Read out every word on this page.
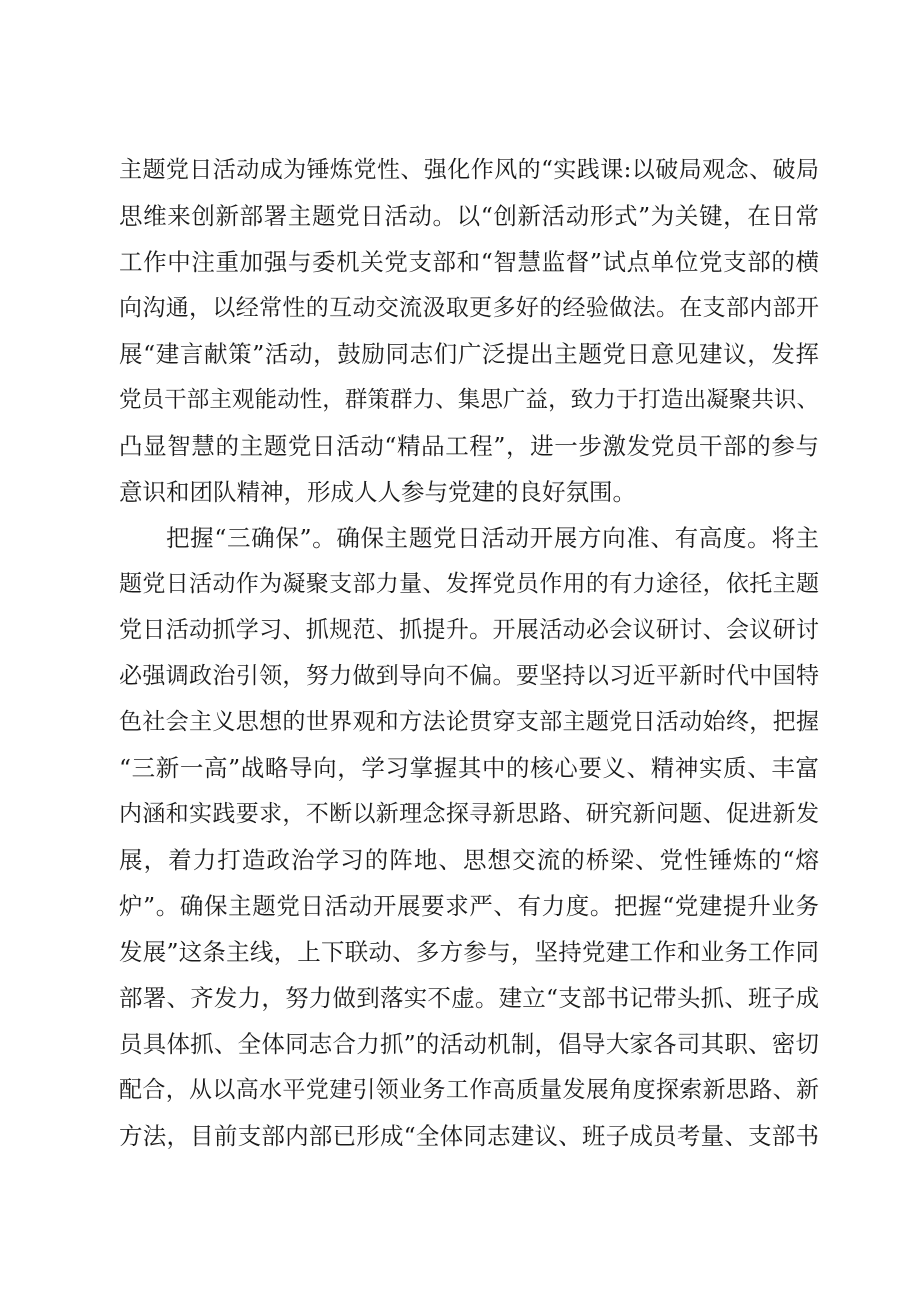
主题党日活动成为锤炼党性、强化作风的“实践课:以破局观念、破局
思维来创新部署主题党日活动。以“创新活动形式”为关键，在日常
工作中注重加强与委机关党支部和“智慧监督”试点单位党支部的横
向沟通，以经常性的互动交流汲取更多好的经验做法。在支部内部开
展“建言献策”活动，鼓励同志们广泛提出主题党日意见建议，发挥
党员干部主观能动性，群策群力、集思广益，致力于打造出凝聚共识、
凸显智慧的主题党日活动“精品工程”，进一步激发党员干部的参与
意识和团队精神，形成人人参与党建的良好氛围。
把握“三确保”。确保主题党日活动开展方向准、有高度。将主
题党日活动作为凝聚支部力量、发挥党员作用的有力途径，依托主题
党日活动抓学习、抓规范、抓提升。开展活动必会议研讨、会议研讨
必强调政治引领，努力做到导向不偏。要坚持以习近平新时代中国特
色社会主义思想的世界观和方法论贯穿支部主题党日活动始终，把握
“三新一高”战略导向，学习掌握其中的核心要义、精神实质、丰富
内涵和实践要求，不断以新理念探寻新思路、研究新问题、促进新发
展，着力打造政治学习的阵地、思想交流的桥梁、党性锤炼的“熔
炉”。确保主题党日活动开展要求严、有力度。把握“党建提升业务
发展”这条主线，上下联动、多方参与，坚持党建工作和业务工作同
部署、齐发力，努力做到落实不虚。建立“支部书记带头抓、班子成
员具体抓、全体同志合力抓”的活动机制，倡导大家各司其职、密切
配合，从以高水平党建引领业务工作高质量发展角度探索新思路、新
方法，目前支部内部已形成“全体同志建议、班子成员考量、支部书
